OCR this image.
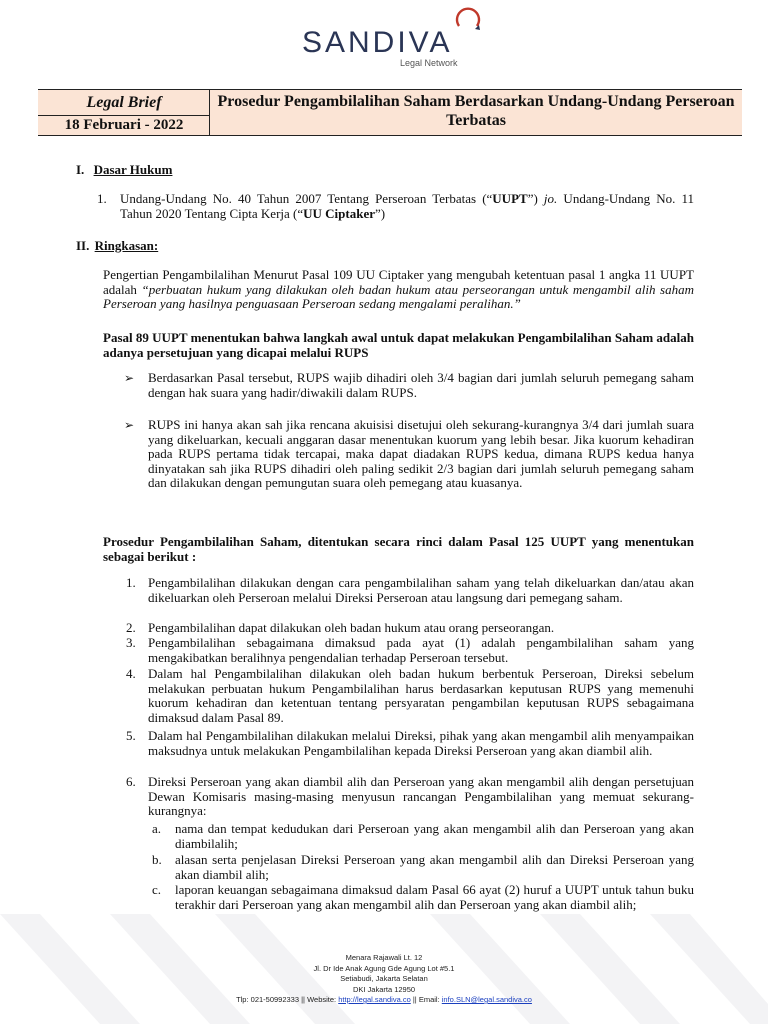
SANDIVA
Legal Network
Legal Brief
18 Februari - 2022
Prosedur Pengambilalihan Saham Berdasarkan Undang-Undang Perseroan Terbatas
I. Dasar Hukum
1. Undang-Undang No. 40 Tahun 2007 Tentang Perseroan Terbatas (“UUPT”) jo. Undang-Undang No. 11 Tahun 2020 Tentang Cipta Kerja (“UU Ciptaker”)
II. Ringkasan:
Pengertian Pengambilalihan Menurut Pasal 109 UU Ciptaker yang mengubah ketentuan pasal 1 angka 11 UUPT adalah “perbuatan hukum yang dilakukan oleh badan hukum atau perseorangan untuk mengambil alih saham Perseroan yang hasilnya penguasaan Perseroan sedang mengalami peralihan.”
Pasal 89 UUPT menentukan bahwa langkah awal untuk dapat melakukan Pengambilalihan Saham adalah adanya persetujuan yang dicapai melalui RUPS
➢ Berdasarkan Pasal tersebut, RUPS wajib dihadiri oleh 3/4 bagian dari jumlah seluruh pemegang saham dengan hak suara yang hadir/diwakili dalam RUPS.
➢ RUPS ini hanya akan sah jika rencana akuisisi disetujui oleh sekurang-kurangnya 3/4 dari jumlah suara yang dikeluarkan, kecuali anggaran dasar menentukan kuorum yang lebih besar. Jika kuorum kehadiran pada RUPS pertama tidak tercapai, maka dapat diadakan RUPS kedua, dimana RUPS kedua hanya dinyatakan sah jika RUPS dihadiri oleh paling sedikit 2/3 bagian dari jumlah seluruh pemegang saham dan dilakukan dengan pemungutan suara oleh pemegang atau kuasanya.
Prosedur Pengambilalihan Saham, ditentukan secara rinci dalam Pasal 125 UUPT yang menentukan sebagai berikut :
1. Pengambilalihan dilakukan dengan cara pengambilalihan saham yang telah dikeluarkan dan/atau akan dikeluarkan oleh Perseroan melalui Direksi Perseroan atau langsung dari pemegang saham.
2. Pengambilalihan dapat dilakukan oleh badan hukum atau orang perseorangan.
3. Pengambilalihan sebagaimana dimaksud pada ayat (1) adalah pengambilalihan saham yang mengakibatkan beralihnya pengendalian terhadap Perseroan tersebut.
4. Dalam hal Pengambilalihan dilakukan oleh badan hukum berbentuk Perseroan, Direksi sebelum melakukan perbuatan hukum Pengambilalihan harus berdasarkan keputusan RUPS yang memenuhi kuorum kehadiran dan ketentuan tentang persyaratan pengambilan keputusan RUPS sebagaimana dimaksud dalam Pasal 89.
5. Dalam hal Pengambilalihan dilakukan melalui Direksi, pihak yang akan mengambil alih menyampaikan maksudnya untuk melakukan Pengambilalihan kepada Direksi Perseroan yang akan diambil alih.
6. Direksi Perseroan yang akan diambil alih dan Perseroan yang akan mengambil alih dengan persetujuan Dewan Komisaris masing-masing menyusun rancangan Pengambilalihan yang memuat sekurang-kurangnya:
a. nama dan tempat kedudukan dari Perseroan yang akan mengambil alih dan Perseroan yang akan diambilalih;
b. alasan serta penjelasan Direksi Perseroan yang akan mengambil alih dan Direksi Perseroan yang akan diambil alih;
c. laporan keuangan sebagaimana dimaksud dalam Pasal 66 ayat (2) huruf a UUPT untuk tahun buku terakhir dari Perseroan yang akan mengambil alih dan Perseroan yang akan diambil alih;
Menara Rajawali Lt. 12
Jl. Dr Ide Anak Agung Gde Agung Lot #5.1
Setiabudi, Jakarta Selatan
DKI Jakarta 12950
Tlp: 021-50992333 || Website: http://legal.sandiva.co || Email: info.SLN@legal.sandiva.co
